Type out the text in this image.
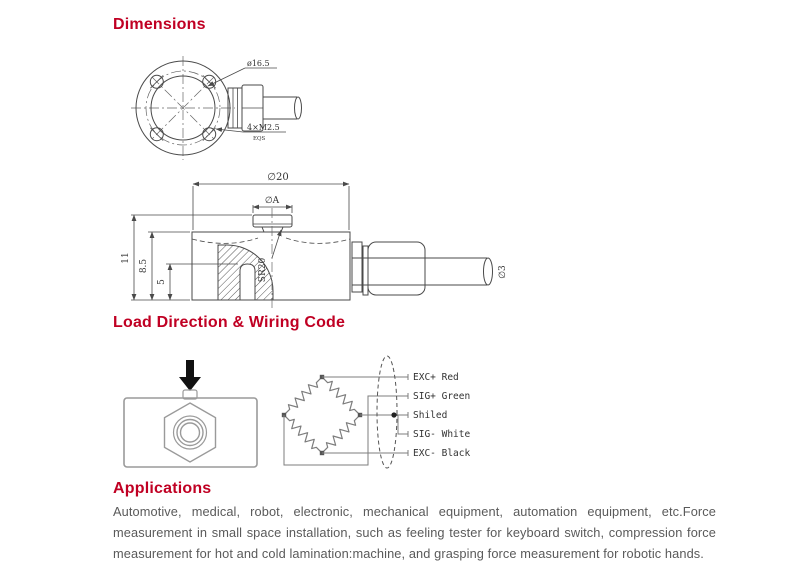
Dimensions
ø16.5
4×M2.5
EQS
SR20
∅20
∅A
11
8.5
5
∅3
Load Direction & Wiring Code
EXC+ Red
SIG+ Green
Shiled
SIG- White
EXC- Black
Applications
Automotive, medical, robot, electronic, mechanical equipment, automation equipment, etc.Force measurement in small space installation, such as feeling tester for keyboard switch, compression force measurement for hot and cold lamination:machine, and grasping force measurement for robotic hands.
